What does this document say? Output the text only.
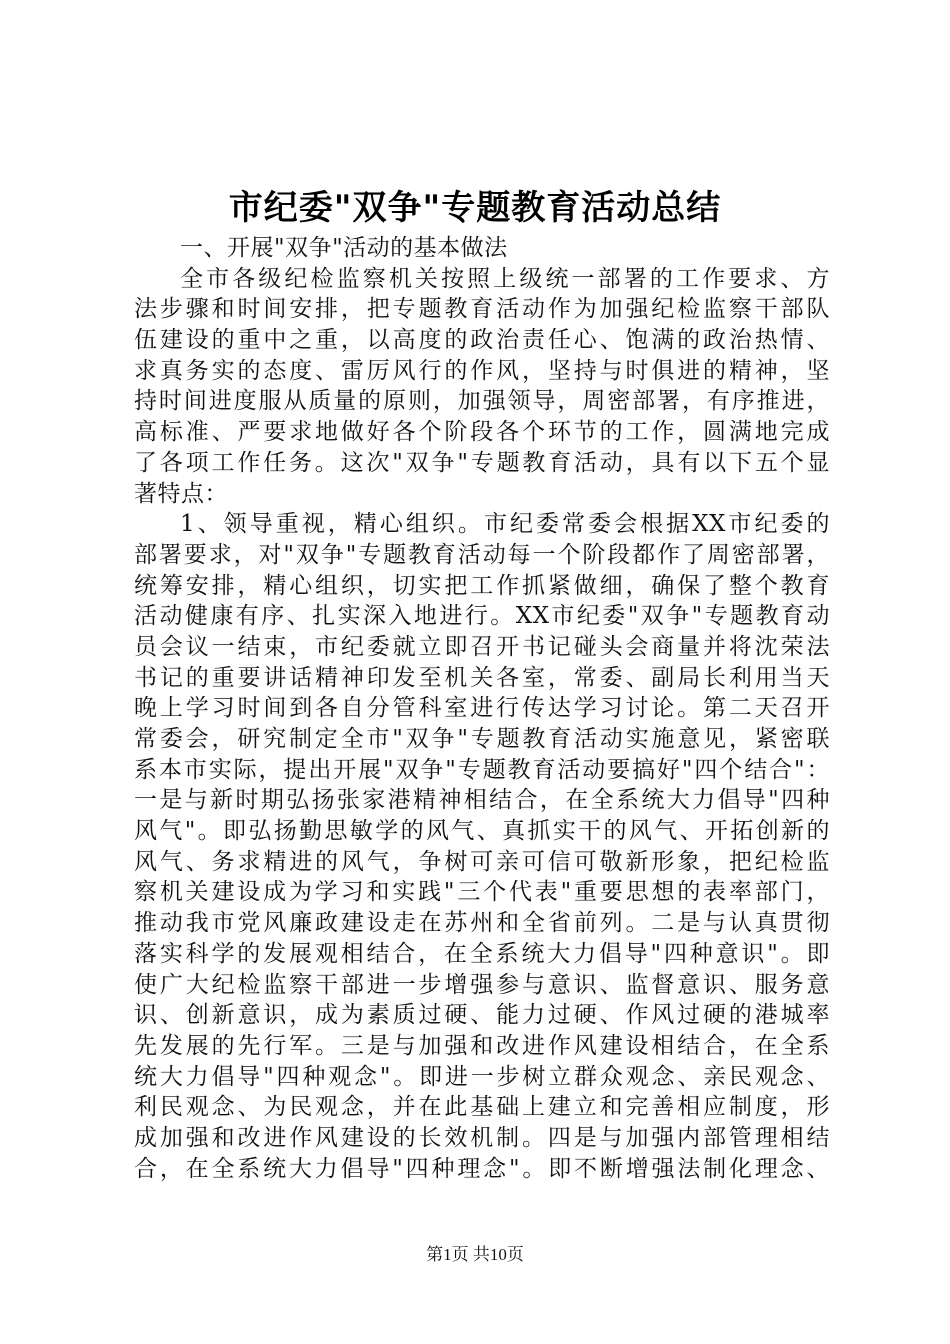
市纪委"双争"专题教育活动总结
一、开展"双争"活动的基本做法
全市各级纪检监察机关按照上级统一部署的工作要求、方
法步骤和时间安排，把专题教育活动作为加强纪检监察干部队
伍建设的重中之重，以高度的政治责任心、饱满的政治热情、
求真务实的态度、雷厉风行的作风，坚持与时俱进的精神，坚
持时间进度服从质量的原则，加强领导，周密部署，有序推进，
高标准、严要求地做好各个阶段各个环节的工作，圆满地完成
了各项工作任务。这次"双争"专题教育活动，具有以下五个显
著特点：
1、领导重视，精心组织。市纪委常委会根据XX市纪委的
部署要求，对"双争"专题教育活动每一个阶段都作了周密部署，
统筹安排，精心组织，切实把工作抓紧做细，确保了整个教育
活动健康有序、扎实深入地进行。XX市纪委"双争"专题教育动
员会议一结束，市纪委就立即召开书记碰头会商量并将沈荣法
书记的重要讲话精神印发至机关各室，常委、副局长利用当天
晚上学习时间到各自分管科室进行传达学习讨论。第二天召开
常委会，研究制定全市"双争"专题教育活动实施意见，紧密联
系本市实际，提出开展"双争"专题教育活动要搞好"四个结合"：
一是与新时期弘扬张家港精神相结合，在全系统大力倡导"四种
风气"。即弘扬勤思敏学的风气、真抓实干的风气、开拓创新的
风气、务求精进的风气，争树可亲可信可敬新形象，把纪检监
察机关建设成为学习和实践"三个代表"重要思想的表率部门，
推动我市党风廉政建设走在苏州和全省前列。二是与认真贯彻
落实科学的发展观相结合，在全系统大力倡导"四种意识"。即
使广大纪检监察干部进一步增强参与意识、监督意识、服务意
识、创新意识，成为素质过硬、能力过硬、作风过硬的港城率
先发展的先行军。三是与加强和改进作风建设相结合，在全系
统大力倡导"四种观念"。即进一步树立群众观念、亲民观念、
利民观念、为民观念，并在此基础上建立和完善相应制度，形
成加强和改进作风建设的长效机制。四是与加强内部管理相结
合，在全系统大力倡导"四种理念"。即不断增强法制化理念、
第1页 共10页
